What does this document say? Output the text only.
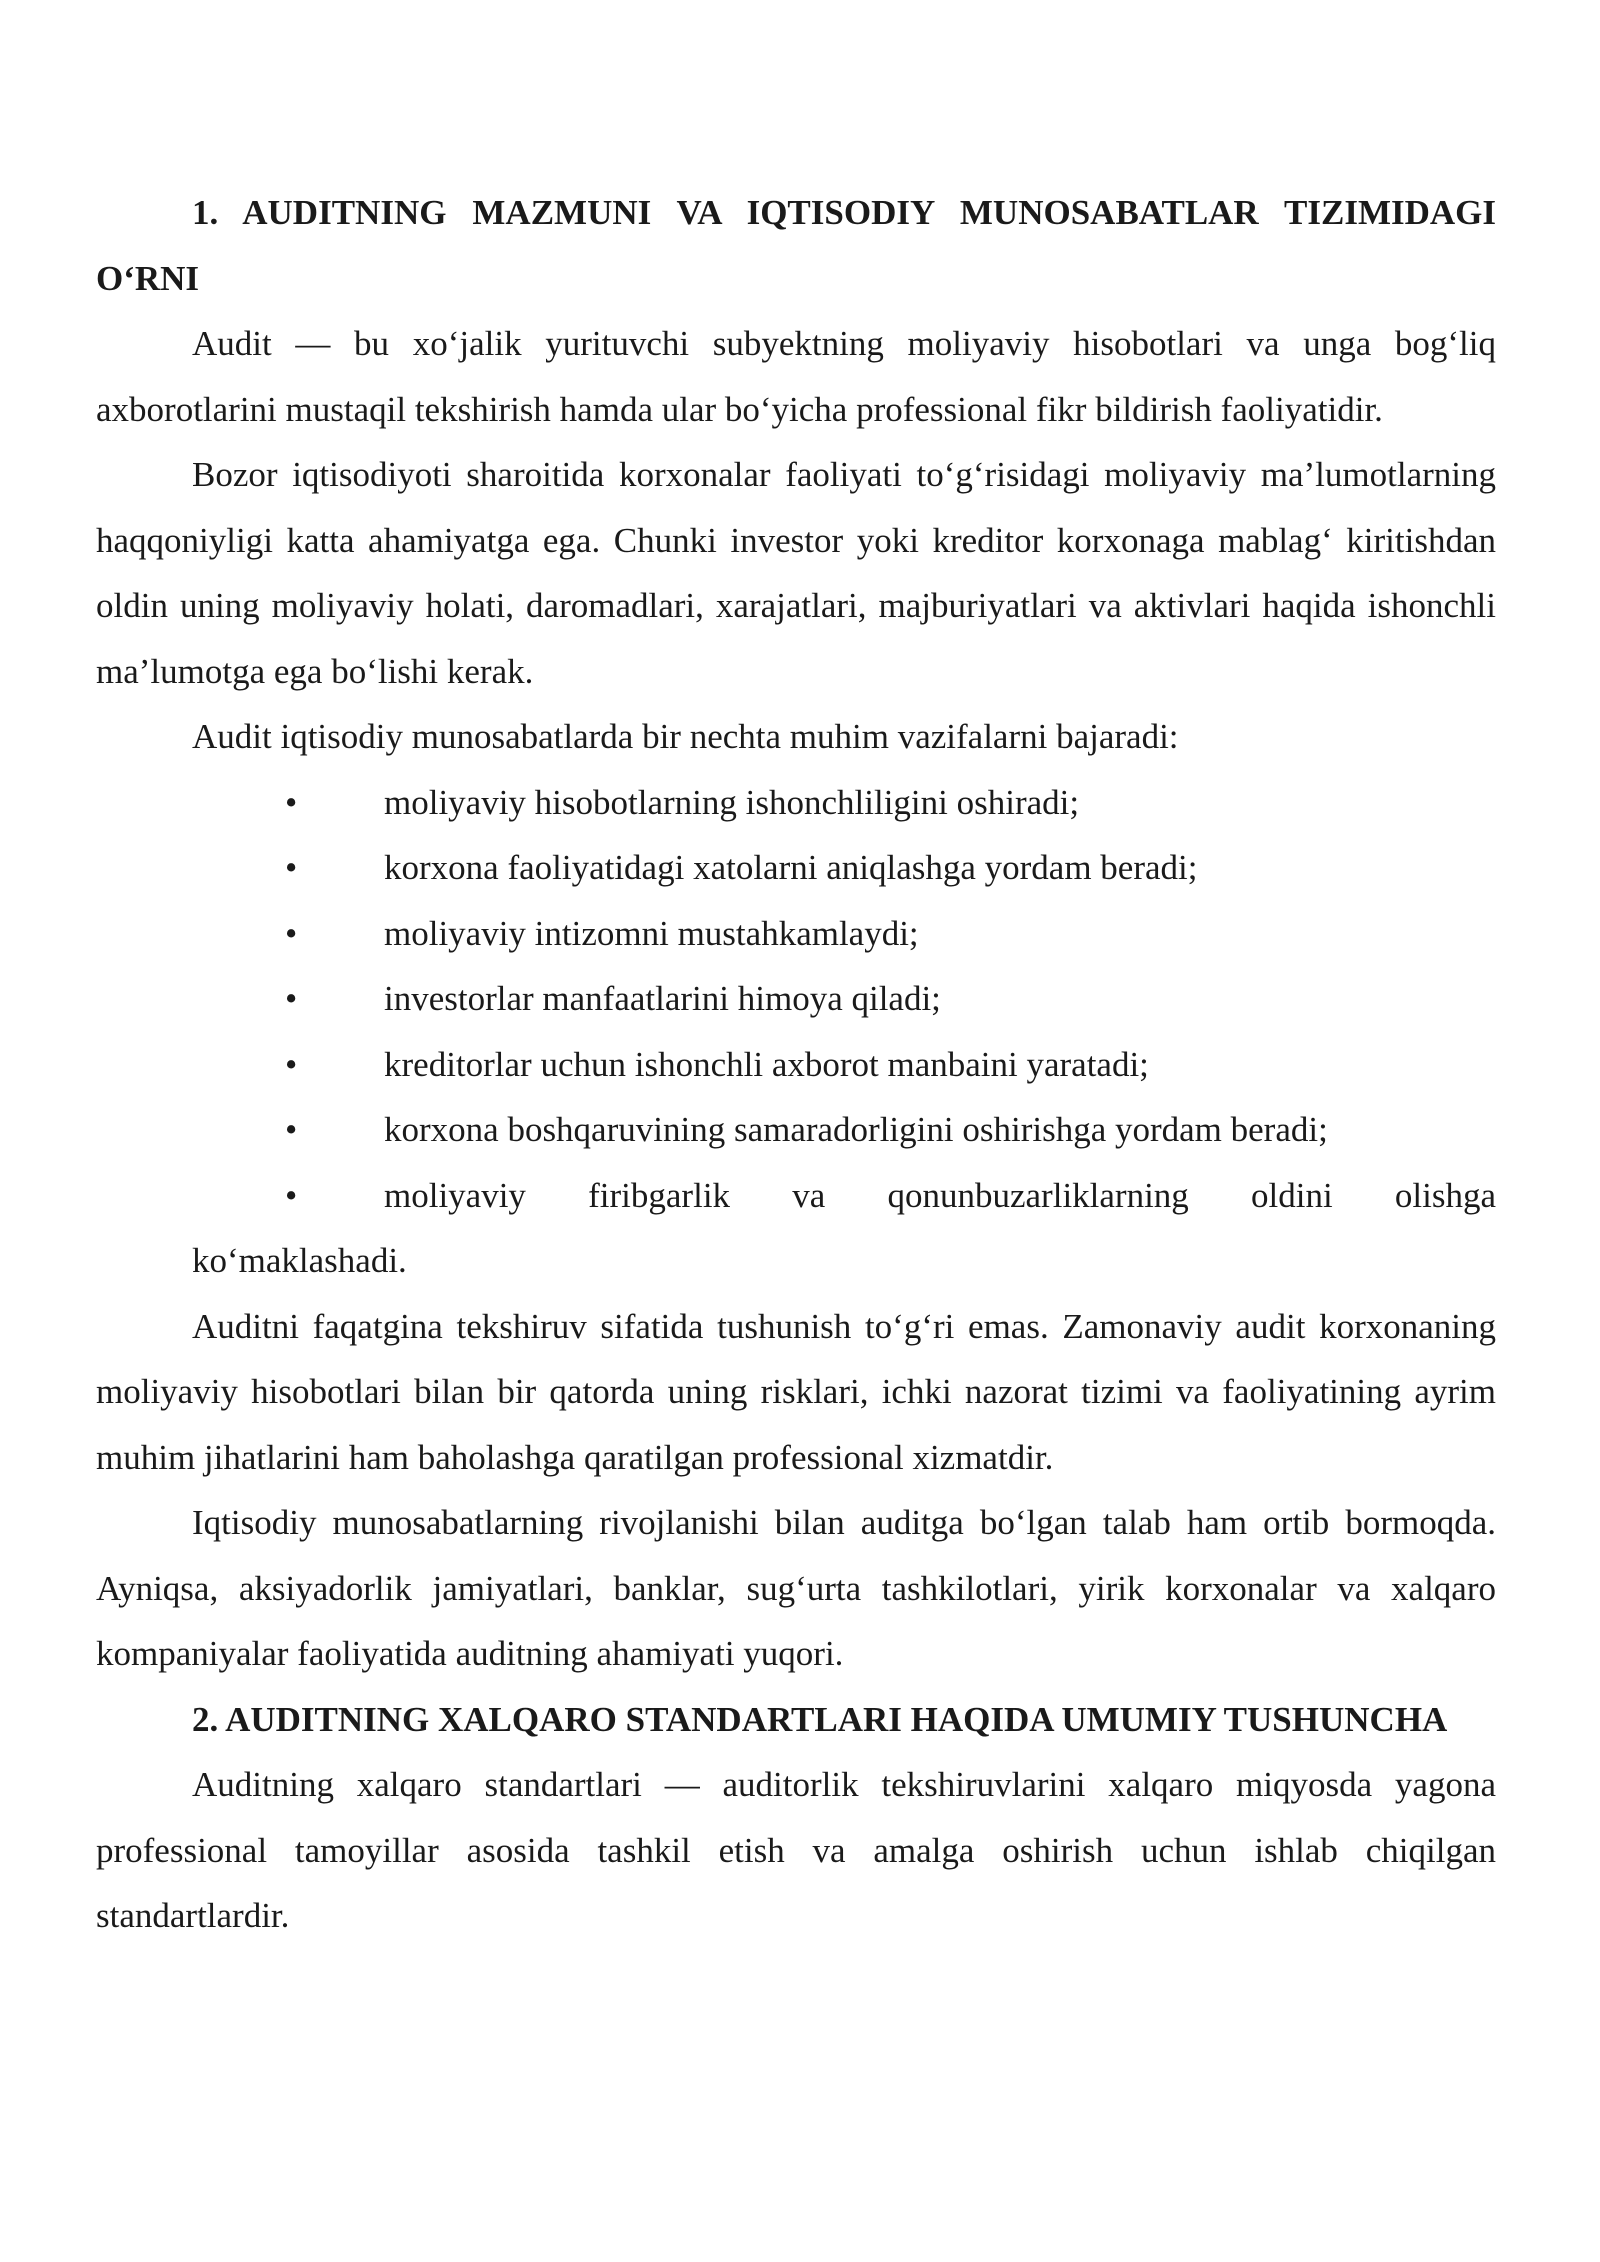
1. AUDITNING MAZMUNI VA IQTISODIY MUNOSABATLAR TIZIMIDAGI O‘RNI

Audit — bu xo‘jalik yurituvchi subyektning moliyaviy hisobotlari va unga bog‘liq axborotlarini mustaqil tekshirish hamda ular bo‘yicha professional fikr bildirish faoliyatidir.

Bozor iqtisodiyoti sharoitida korxonalar faoliyati to‘g‘risidagi moliyaviy ma’lumotlarning haqqoniyligi katta ahamiyatga ega. Chunki investor yoki kreditor korxonaga mablag‘ kiritishdan oldin uning moliyaviy holati, daromadlari, xarajatlari, majburiyatlari va aktivlari haqida ishonchli ma’lumotga ega bo‘lishi kerak.

Audit iqtisodiy munosabatlarda bir nechta muhim vazifalarni bajaradi:

• moliyaviy hisobotlarning ishonchliligini oshiradi;
• korxona faoliyatidagi xatolarni aniqlashga yordam beradi;
• moliyaviy intizomni mustahkamlaydi;
• investorlar manfaatlarini himoya qiladi;
• kreditorlar uchun ishonchli axborot manbaini yaratadi;
• korxona boshqaruvining samaradorligini oshirishga yordam beradi;
• moliyaviy firibgarlik va qonunbuzarliklarning oldini olishga
ko‘maklashadi.

Auditni faqatgina tekshiruv sifatida tushunish to‘g‘ri emas. Zamonaviy audit korxonaning moliyaviy hisobotlari bilan bir qatorda uning risklari, ichki nazorat tizimi va faoliyatining ayrim muhim jihatlarini ham baholashga qaratilgan professional xizmatdir.

Iqtisodiy munosabatlarning rivojlanishi bilan auditga bo‘lgan talab ham ortib bormoqda. Ayniqsa, aksiyadorlik jamiyatlari, banklar, sug‘urta tashkilotlari, yirik korxonalar va xalqaro kompaniyalar faoliyatida auditning ahamiyati yuqori.

2. AUDITNING XALQARO STANDARTLARI HAQIDA UMUMIY TUSHUNCHA

Auditning xalqaro standartlari — auditorlik tekshiruvlarini xalqaro miqyosda yagona professional tamoyillar asosida tashkil etish va amalga oshirish uchun ishlab chiqilgan standartlardir.
